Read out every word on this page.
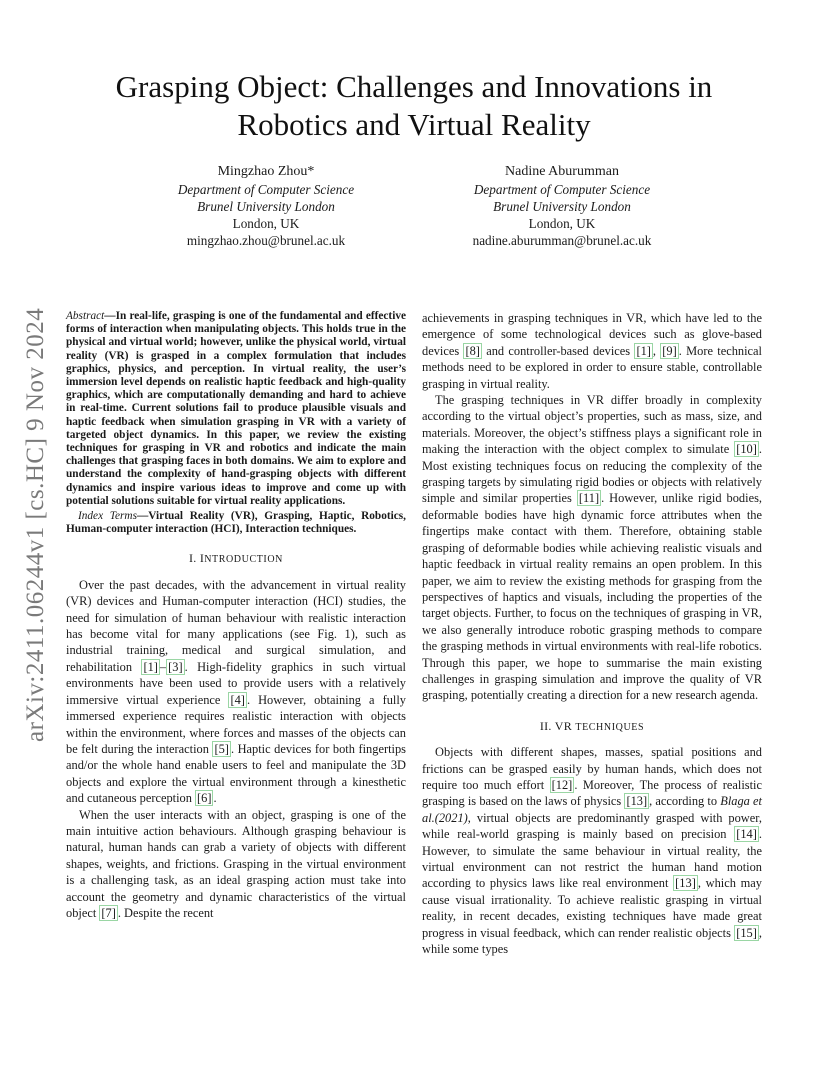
arXiv:2411.06244v1 [cs.HC] 9 Nov 2024
Grasping Object: Challenges and Innovations in Robotics and Virtual Reality
Mingzhao Zhou*
Department of Computer Science
Brunel University London
London, UK
mingzhao.zhou@brunel.ac.uk
Nadine Aburumman
Department of Computer Science
Brunel University London
London, UK
nadine.aburumman@brunel.ac.uk

Abstract—In real-life, grasping is one of the fundamental and effective forms of interaction when manipulating objects. This holds true in the physical and virtual world; however, unlike the physical world, virtual reality (VR) is grasped in a complex formulation that includes graphics, physics, and perception. In virtual reality, the user’s immersion level depends on realistic haptic feedback and high-quality graphics, which are computationally demanding and hard to achieve in real-time. Current solutions fail to produce plausible visuals and haptic feedback when simulation grasping in VR with a variety of targeted object dynamics. In this paper, we review the existing techniques for grasping in VR and robotics and indicate the main challenges that grasping faces in both domains. We aim to explore and understand the complexity of hand-grasping objects with different dynamics and inspire various ideas to improve and come up with potential solutions suitable for virtual reality applications.

Index Terms—Virtual Reality (VR), Grasping, Haptic, Robotics, Human-computer interaction (HCI), Interaction techniques.

I. INTRODUCTION

Over the past decades, with the advancement in virtual reality (VR) devices and Human-computer interaction (HCI) studies, the need for simulation of human behaviour with realistic interaction has become vital for many applications (see Fig. 1), such as industrial training, medical and surgical simulation, and rehabilitation [1] – [3] . High-fidelity graphics in such virtual environments have been used to provide users with a relatively immersive virtual experience [4] . However, obtaining a fully immersed experience requires realistic interaction with objects within the environment, where forces and masses of the objects can be felt during the interaction [5] . Haptic devices for both fingertips and/or the whole hand enable users to feel and manipulate the 3D objects and explore the virtual environment through a kinesthetic and cutaneous perception [6] .

When the user interacts with an object, grasping is one of the main intuitive action behaviours. Although grasping behaviour is natural, human hands can grab a variety of objects with different shapes, weights, and frictions. Grasping in the virtual environment is a challenging task, as an ideal grasping action must take into account the geometry and dynamic characteristics of the virtual object [7] . Despite the recent

achievements in grasping techniques in VR, which have led to the emergence of some technological devices such as glove-based devices [8] and controller-based devices [1] , [9] . More technical methods need to be explored in order to ensure stable, controllable grasping in virtual reality.

The grasping techniques in VR differ broadly in complexity according to the virtual object’s properties, such as mass, size, and materials. Moreover, the object’s stiffness plays a significant role in making the interaction with the object complex to simulate [10] . Most existing techniques focus on reducing the complexity of the grasping targets by simulating rigid bodies or objects with relatively simple and similar properties [11] . However, unlike rigid bodies, deformable bodies have high dynamic force attributes when the fingertips make contact with them. Therefore, obtaining stable grasping of deformable bodies while achieving realistic visuals and haptic feedback in virtual reality remains an open problem. In this paper, we aim to review the existing methods for grasping from the perspectives of haptics and visuals, including the properties of the target objects. Further, to focus on the techniques of grasping in VR, we also generally introduce robotic grasping methods to compare the grasping methods in virtual environments with real-life robotics. Through this paper, we hope to summarise the main existing challenges in grasping simulation and improve the quality of VR grasping, potentially creating a direction for a new research agenda.

II. VR TECHNIQUES

Objects with different shapes, masses, spatial positions and frictions can be grasped easily by human hands, which does not require too much effort [12] . Moreover, The process of realistic grasping is based on the laws of physics [13] , according to Blaga et al.(2021), virtual objects are predominantly grasped with power, while real-world grasping is mainly based on precision [14] . However, to simulate the same behaviour in virtual reality, the virtual environment can not restrict the human hand motion according to physics laws like real environment [13] , which may cause visual irrationality. To achieve realistic grasping in virtual reality, in recent decades, existing techniques have made great progress in visual feedback, which can render realistic objects [15] , while some types
